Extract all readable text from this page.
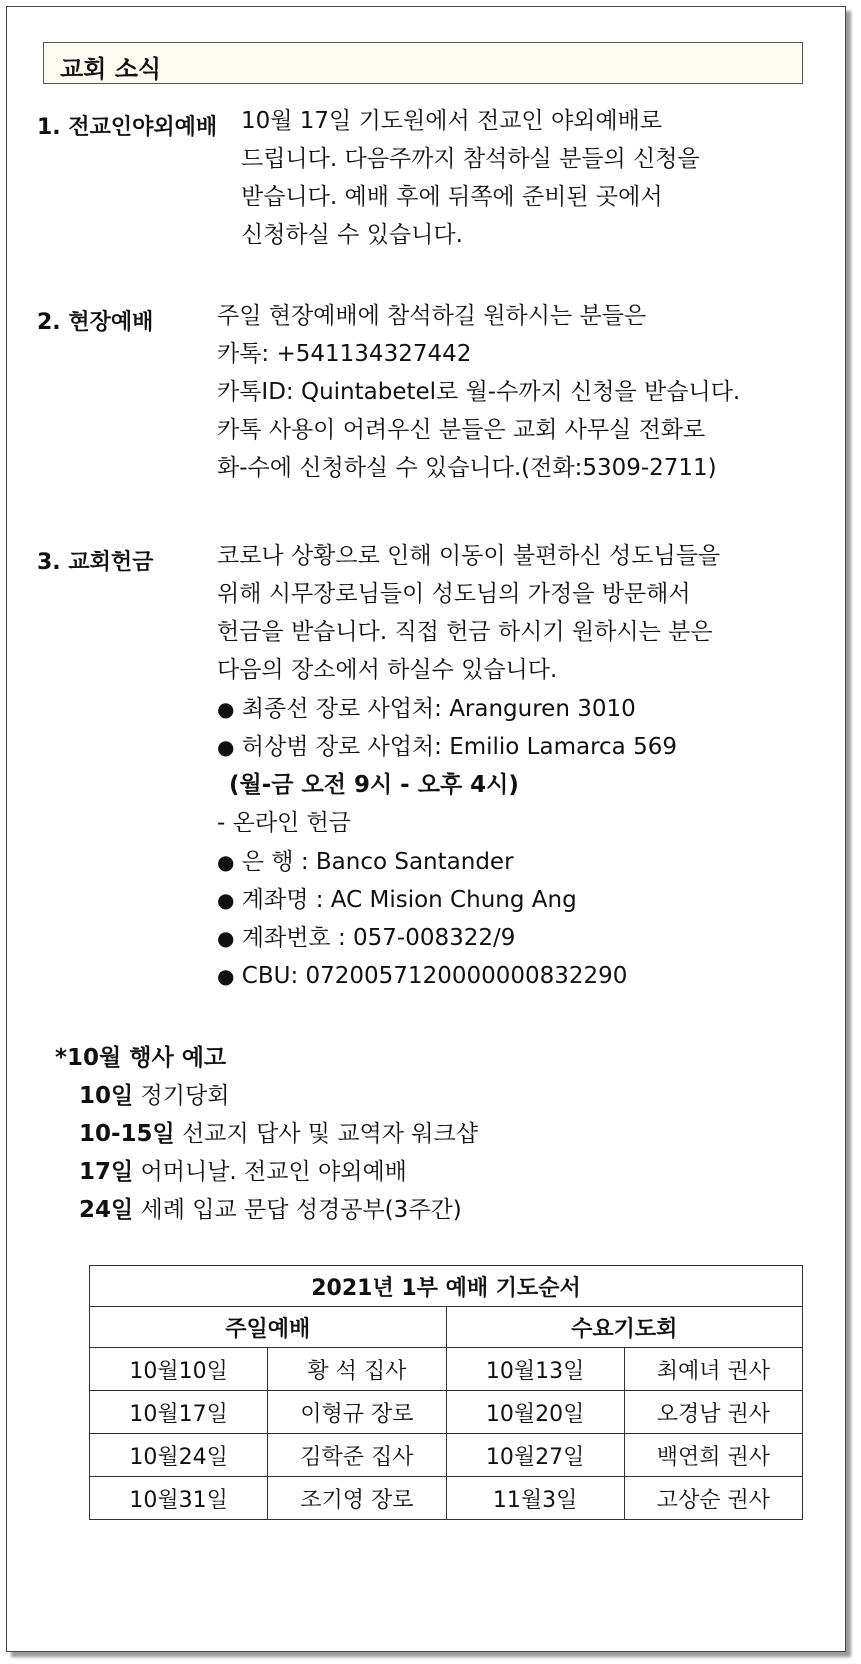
교회 소식
1. 전교인야외예배 10월 17일 기도원에서 전교인 야외예배로
드립니다. 다음주까지 참석하실 분들의 신청을
받습니다. 예배 후에 뒤쪽에 준비된 곳에서
신청하실 수 있습니다.
2. 현장예배	주일 현장예배에 참석하길 원하시는 분들은
카톡: +541134327442
카톡ID: Quintabetel로 월-수까지 신청을 받습니다.
카톡 사용이 어려우신 분들은 교회 사무실 전화로
화-수에 신청하실 수 있습니다.(전화:5309-2711)
3. 교회헌금	코로나 상황으로 인해 이동이 불편하신 성도님들을
위해 시무장로님들이 성도님의 가정을 방문해서
헌금을 받습니다. 직접 헌금 하시기 원하시는 분은
다음의 장소에서 하실수 있습니다.
● 최종선 장로 사업처: Aranguren 3010
● 허상범 장로 사업처: Emilio Lamarca 569
(월-금 오전 9시 - 오후 4시)
- 온라인 헌금
● 은 행 : Banco Santander
● 계좌명 : AC Mision Chung Ang
● 계좌번호 : 057-008322/9
● CBU: 0720057120000000832290
*10월 행사 예고
10일 정기당회
10-15일 선교지 답사 및 교역자 워크샵
17일 어머니날. 전교인 야외예배
24일 세례 입교 문답 성경공부(3주간)
2021년 1부 예배 기도순서			
주일예배		수요기도회	
10월10일	황 석 집사	10월13일	최예녀 권사
10월17일	이형규 장로	10월20일	오경남 권사
10월24일	김학준 집사	10월27일	백연희 권사
10월31일	조기영 장로	11월3일	고상순 권사
